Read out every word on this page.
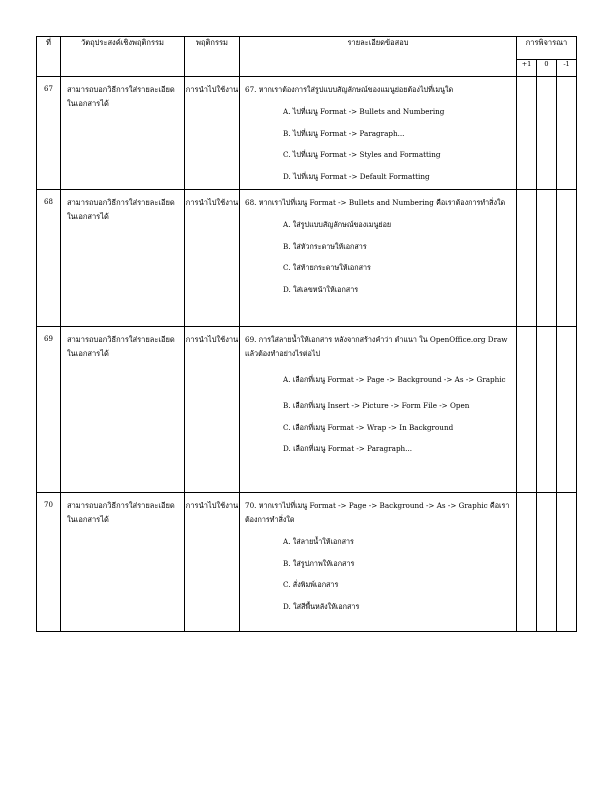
ที่	วัตถุประสงค์เชิงพฤติกรรม	พฤติกรรม	รายละเอียดข้อสอบ	การพิจารณา		
				+1	0	-1
67	สามารถบอกวิธีการใส่รายละเอียดในเอกสารได้	การนำไปใช้งาน	67. หากเราต้องการใส่รูปแบบสัญลักษณ์ของแมนูย่อยต้องไปที่เมนูใด
A. ไปที่เมนู Format -> Bullets and Numbering
B. ไปที่เมนู Format -> Paragraph...
C. ไปที่เมนู Format -> Styles and Formatting
D. ไปที่เมนู Format -> Default Formatting			

68	สามารถบอกวิธีการใส่รายละเอียดในเอกสารได้	การนำไปใช้งาน	68. หากเราไปที่เมนู Format -> Bullets and Numbering คือเราต้องการทำสิ่งใด
A. ใส่รูปแบบสัญลักษณ์ของเมนูย่อย
B. ใส่หัวกระดาษให้เอกสาร
C. ใส่ท้ายกระดาษให้เอกสาร
D. ใส่เลขหน้าให้เอกสาร			

69	สามารถบอกวิธีการใส่รายละเอียดในเอกสารได้	การนำไปใช้งาน	69. การใส่ลายน้ำให้เอกสาร หลังจากสร้างคำว่า ตำแนา ใน OpenOffice.org Draw แล้วต้องทำอย่างไรต่อไป
A. เลือกที่เมนู Format -> Page -> Background -> As -> Graphic
B. เลือกที่เมนู Insert -> Picture -> Form File -> Open
C. เลือกที่เมนู Format -> Wrap -> In Background
D. เลือกที่เมนู Format -> Paragraph...			

70	สามารถบอกวิธีการใส่รายละเอียดในเอกสารได้	การนำไปใช้งาน	70. หากเราไปที่เมนู Format -> Page -> Background -> As -> Graphic คือเราต้องการทำสิ่งใด
A. ใส่ลายน้ำให้เอกสาร
B. ใส่รูปภาพให้เอกสาร
C. สั่งพิมพ์เอกสาร
D. ใส่สีพื้นหลังให้เอกสาร			
